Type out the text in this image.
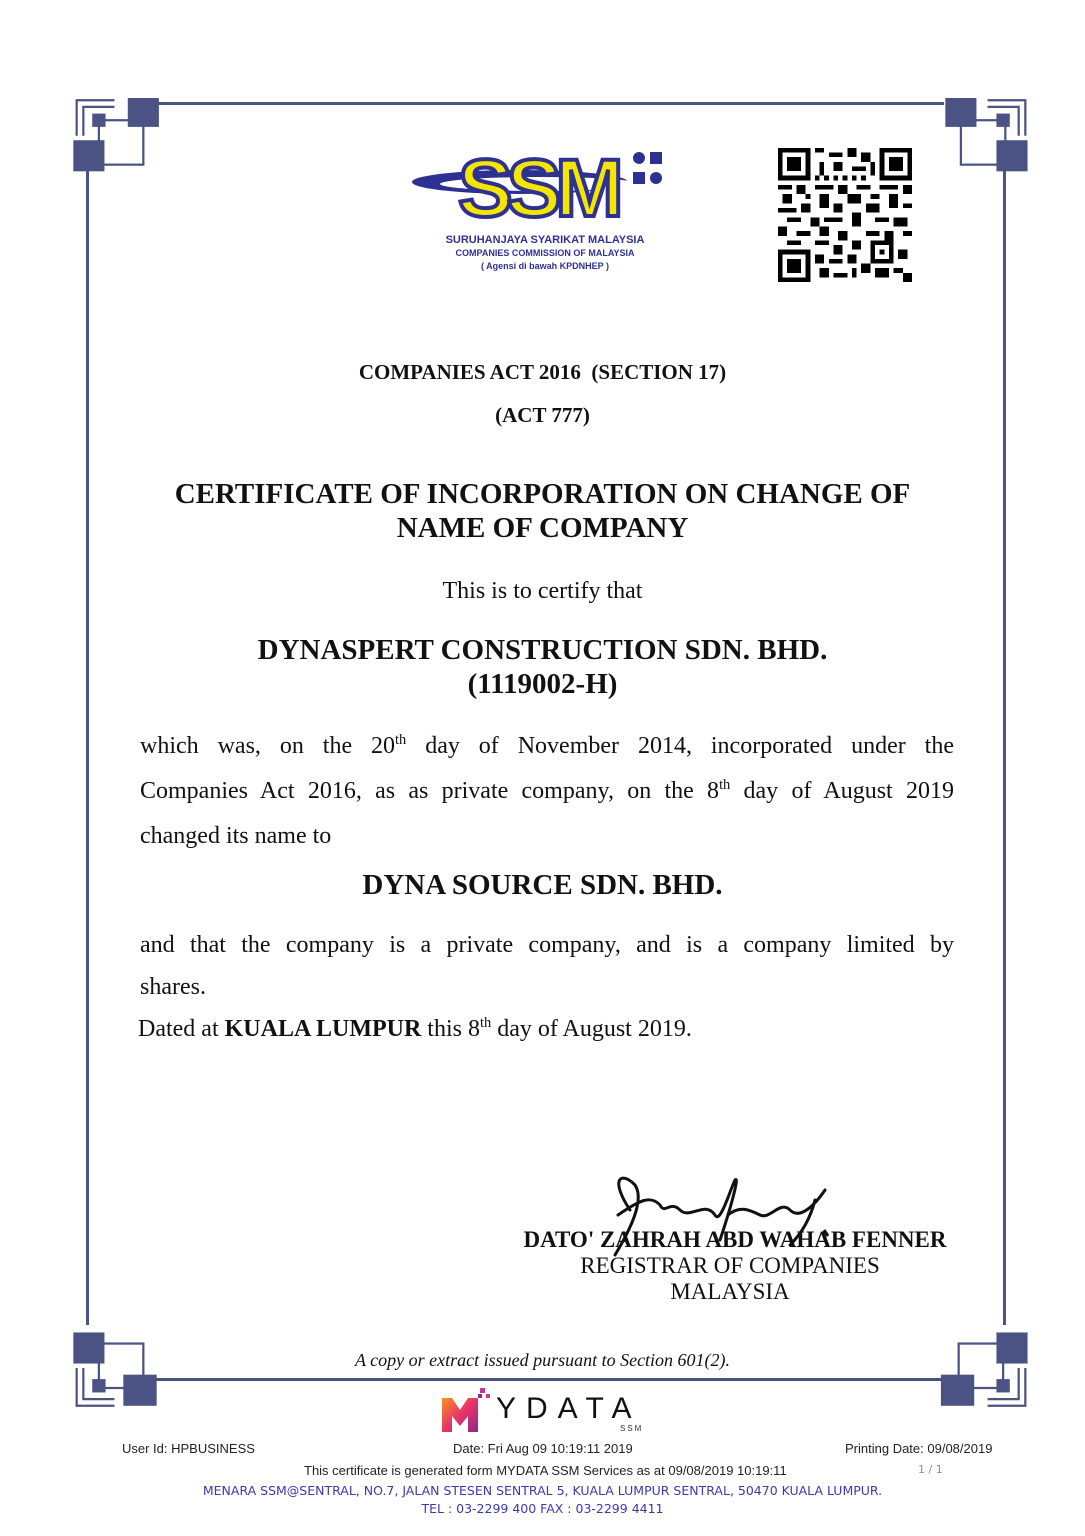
SSM
SURUHANJAYA SYARIKAT MALAYSIA
COMPANIES COMMISSION OF MALAYSIA
( Agensi di bawah KPDNHEP )
COMPANIES ACT 2016  (SECTION 17)
(ACT 777)
CERTIFICATE OF INCORPORATION ON CHANGE OF
NAME OF COMPANY
This is to certify that
DYNASPERT CONSTRUCTION SDN. BHD.
(1119002-H)
which was, on the 20th day of November 2014, incorporated under the
Companies Act 2016, as as private company, on the 8th day of August 2019
changed its name to
DYNA SOURCE SDN. BHD.
and that the company is a private company, and is a company limited by
shares.
Dated at KUALA LUMPUR this 8th day of August 2019.
DATO' ZAHRAH ABD WAHAB FENNER
REGISTRAR OF COMPANIES
MALAYSIA
A copy or extract issued pursuant to Section 601(2).
YDATA
SSM
User Id: HPBUSINESS	Date: Fri Aug 09 10:19:11 2019	Printing Date: 09/08/2019
This certificate is generated form MYDATA SSM Services as at 09/08/2019 10:19:11	1 / 1
MENARA SSM@SENTRAL, NO.7, JALAN STESEN SENTRAL 5, KUALA LUMPUR SENTRAL, 50470 KUALA LUMPUR.
TEL : 03-2299 400 FAX : 03-2299 4411
